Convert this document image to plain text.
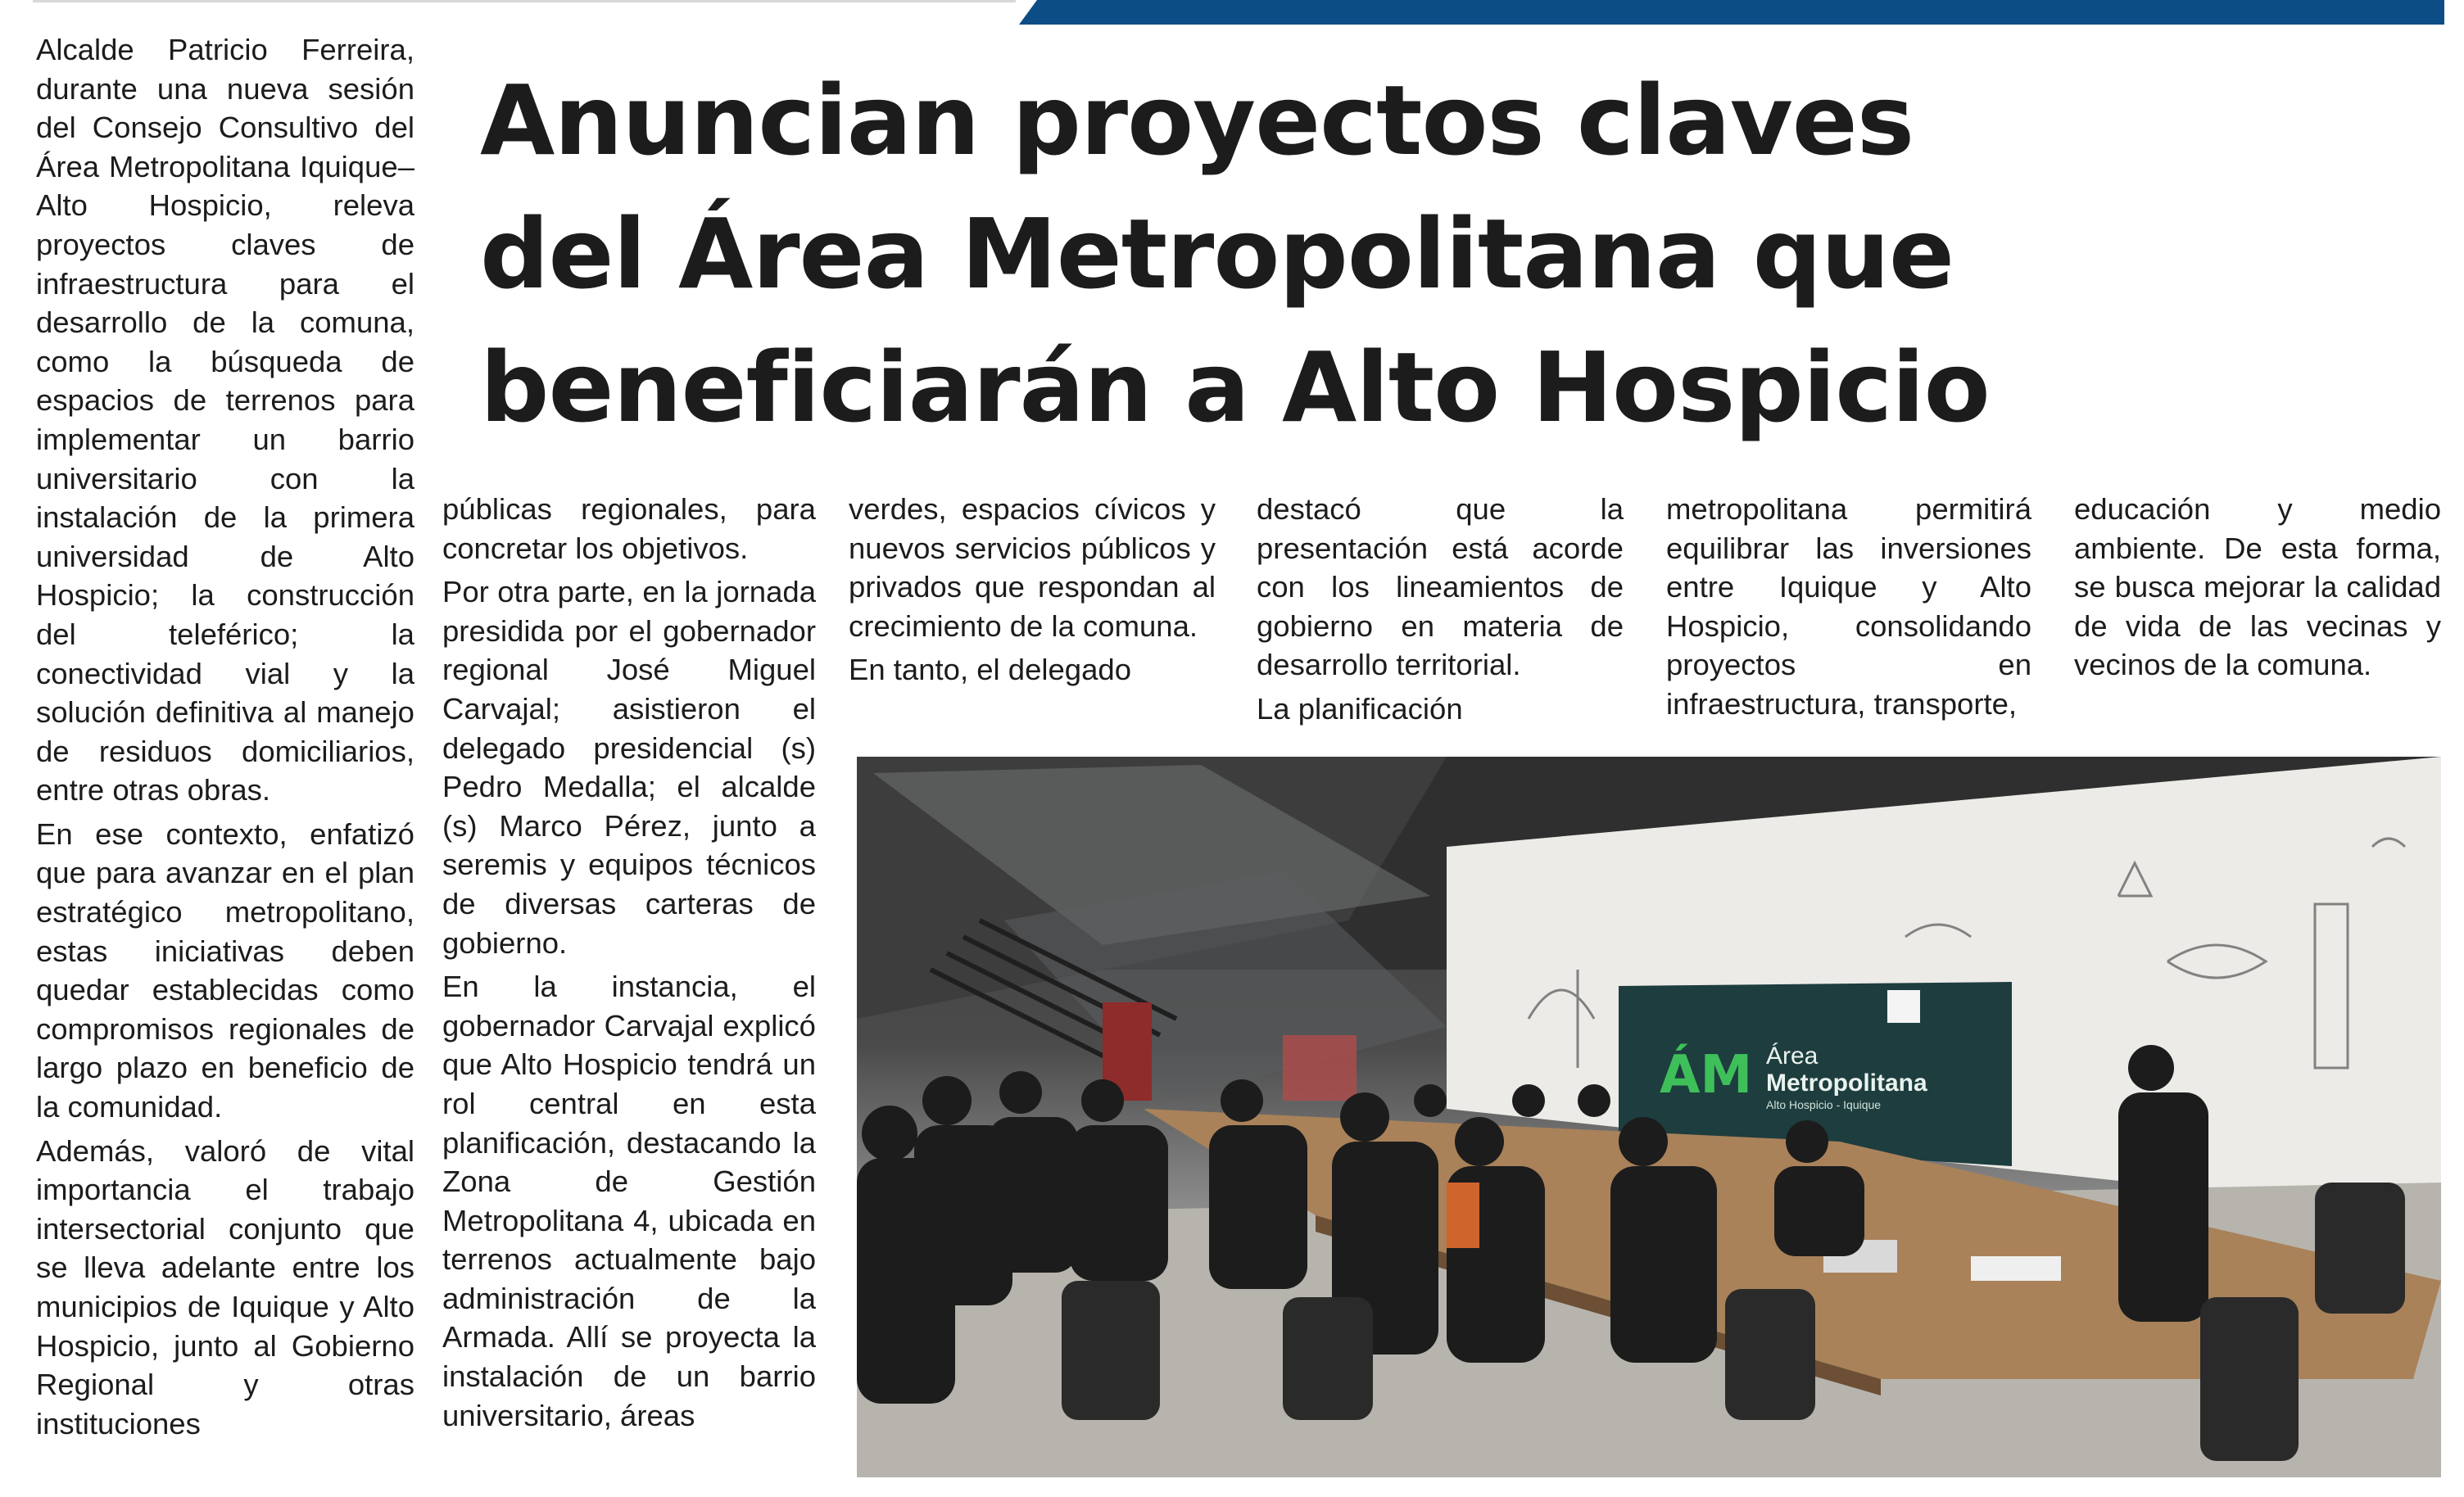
Anuncian proyectos claves
del Área Metropolitana que
beneficiarán a Alto Hospicio

Alcalde Patricio Ferreira, durante una nueva sesión del Consejo Consultivo del Área Metropolitana Iquique–Alto Hospicio, releva proyectos claves de infraestructura para el desarrollo de la comuna, como la búsqueda de espacios de terrenos para implementar un barrio universitario con la instalación de la primera universidad de Alto Hospicio; la construcción del teleférico; la conectividad vial y la solución definitiva al manejo de residuos domiciliarios, entre otras obras.

En ese contexto, enfatizó que para avanzar en el plan estratégico metropolitano, estas iniciativas deben quedar establecidas como compromisos regionales de largo plazo en beneficio de la comunidad.

Además, valoró de vital importancia el trabajo intersectorial conjunto que se lleva adelante entre los municipios de Iquique y Alto Hospicio, junto al Gobierno Regional y otras instituciones

públicas regionales, para concretar los objetivos.

Por otra parte, en la jornada presidida por el gobernador regional José Miguel Carvajal; asistieron el delegado presidencial (s) Pedro Medalla; el alcalde (s) Marco Pérez, junto a seremis y equipos técnicos de diversas carteras de gobierno.

En la instancia, el gobernador Carvajal explicó que Alto Hospicio tendrá un rol central en esta planificación, destacando la Zona de Gestión Metropolitana 4, ubicada en terrenos actualmente bajo administración de la Armada. Allí se proyecta la instalación de un barrio universitario, áreas

verdes, espacios cívicos y nuevos servicios públicos y privados que respondan al crecimiento de la comuna.

En tanto, el delegado

destacó que la presentación está acorde con los lineamientos de gobierno en materia de desarrollo territorial.

La planificación

metropolitana permitirá equilibrar las inversiones entre Iquique y Alto Hospicio, consolidando proyectos en infraestructura, transporte,

educación y medio ambiente. De esta forma, se busca mejorar la calidad de vida de las vecinas y vecinos de la comuna.

ÁM Área
Metropolitana
Alto Hospicio - Iquique
